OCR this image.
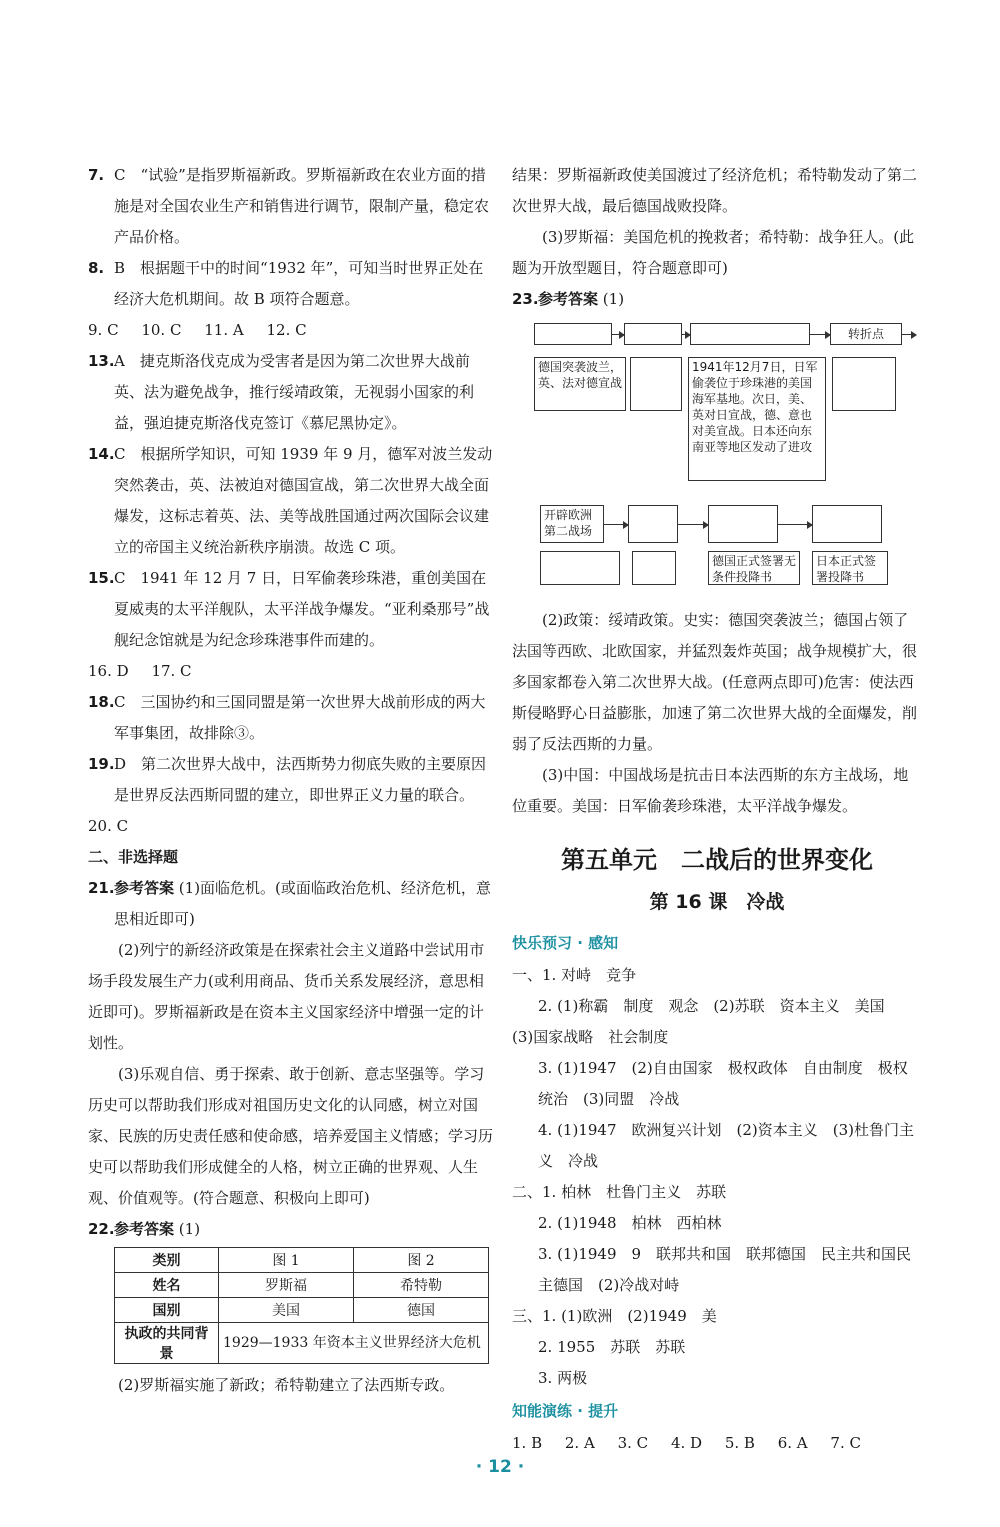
7. C　“试验”是指罗斯福新政。罗斯福新政在农业方面的措施是对全国农业生产和销售进行调节，限制产量，稳定农产品价格。
8. B　根据题干中的时间“1932 年”，可知当时世界正处在经济大危机期间。故 B 项符合题意。
9. C 10. C 11. A 12. C
13. A　捷克斯洛伐克成为受害者是因为第二次世界大战前英、法为避免战争，推行绥靖政策，无视弱小国家的利益，强迫捷克斯洛伐克签订《慕尼黑协定》。
14. C　根据所学知识，可知 1939 年 9 月，德军对波兰发动突然袭击，英、法被迫对德国宣战，第二次世界大战全面爆发，这标志着英、法、美等战胜国通过两次国际会议建立的帝国主义统治新秩序崩溃。故选 C 项。
15. C　1941 年 12 月 7 日，日军偷袭珍珠港，重创美国在夏威夷的太平洋舰队，太平洋战争爆发。“亚利桑那号”战舰纪念馆就是为纪念珍珠港事件而建的。
16. D 17. C
18. C　三国协约和三国同盟是第一次世界大战前形成的两大军事集团，故排除③。
19. D　第二次世界大战中，法西斯势力彻底失败的主要原因是世界反法西斯同盟的建立，即世界正义力量的联合。
20. C
二、非选择题
21. 参考答案 (1)面临危机。(或面临政治危机、经济危机，意思相近即可)
(2)列宁的新经济政策是在探索社会主义道路中尝试用市场手段发展生产力(或利用商品、货币关系发展经济，意思相近即可)。罗斯福新政是在资本主义国家经济中增强一定的计划性。
(3)乐观自信、勇于探索、敢于创新、意志坚强等。学习历史可以帮助我们形成对祖国历史文化的认同感，树立对国家、民族的历史责任感和使命感，培养爱国主义情感；学习历史可以帮助我们形成健全的人格，树立正确的世界观、人生观、价值观等。(符合题意、积极向上即可)
22. 参考答案 (1)
类别	图 1	图 2
姓名	罗斯福	希特勒
国别	美国	德国
执政的共同背景	1929—1933 年资本主义世界经济大危机	
(2)罗斯福实施了新政；希特勒建立了法西斯专政。
结果：罗斯福新政使美国渡过了经济危机；希特勒发动了第二次世界大战，最后德国战败投降。
(3)罗斯福：美国危机的挽救者；希特勒：战争狂人。(此题为开放型题目，符合题意即可)
23. 参考答案 (1)
转折点
德国突袭波兰，英、法对德宣战
1941年12月7日，日军偷袭位于珍珠港的美国海军基地。次日，美、英对日宣战，德、意也对美宣战。日本还向东南亚等地区发动了进攻
开辟欧洲第二战场
德国正式签署无条件投降书
日本正式签署投降书
(2)政策：绥靖政策。史实：德国突袭波兰；德国占领了法国等西欧、北欧国家，并猛烈轰炸英国；战争规模扩大，很多国家都卷入第二次世界大战。(任意两点即可)危害：使法西斯侵略野心日益膨胀，加速了第二次世界大战的全面爆发，削弱了反法西斯的力量。
(3)中国：中国战场是抗击日本法西斯的东方主战场，地位重要。美国：日军偷袭珍珠港，太平洋战争爆发。
第五单元　二战后的世界变化
第 16 课　冷战
快乐预习 · 感知
一、1. 对峙　竞争
2. (1)称霸　制度　观念　(2)苏联　资本主义　美国
(3)国家战略　社会制度
3. (1)1947　(2)自由国家　极权政体　自由制度　极权统治　(3)同盟　冷战
4. (1)1947　欧洲复兴计划　(2)资本主义　(3)杜鲁门主义　冷战
二、1. 柏林　杜鲁门主义　苏联
2. (1)1948　柏林　西柏林
3. (1)1949　9　联邦共和国　联邦德国　民主共和国民主德国　(2)冷战对峙
三、1. (1)欧洲　(2)1949　美
2. 1955　苏联　苏联
3. 两极
知能演练 · 提升
1. B 2. A 3. C 4. D 5. B 6. A 7. C
· 12 ·
